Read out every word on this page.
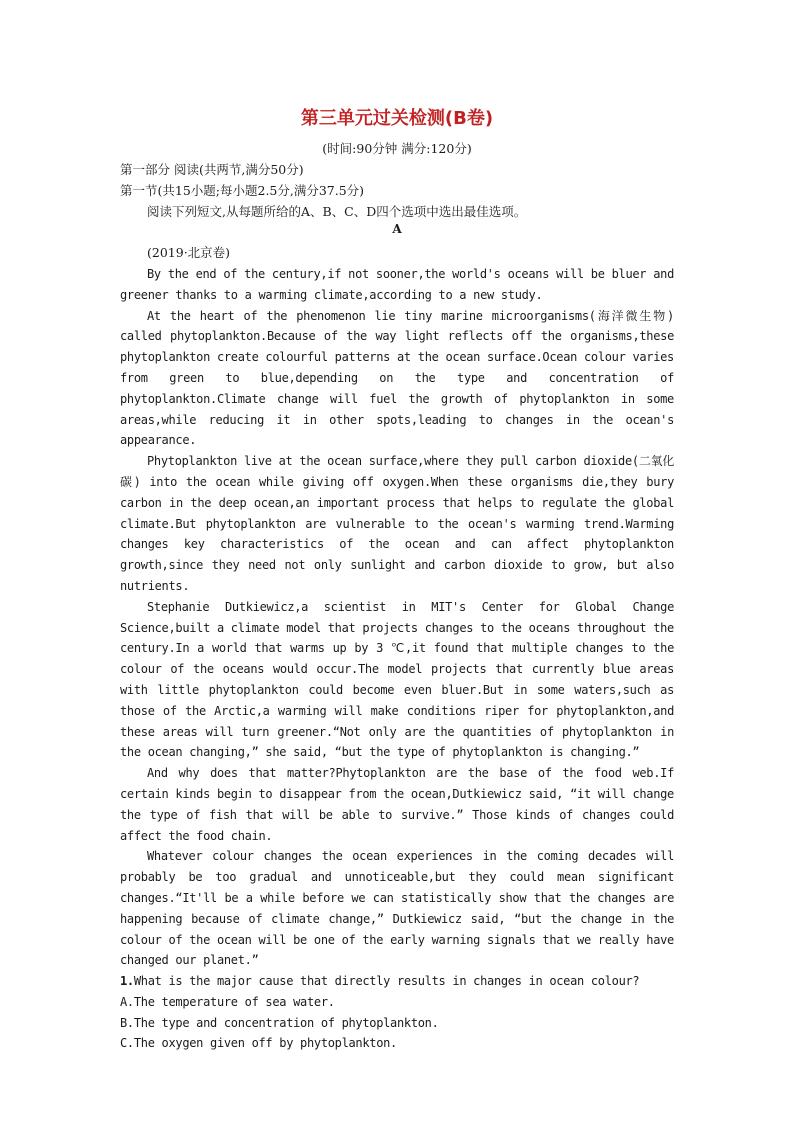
第三单元过关检测(B卷)
(时间:90分钟 满分:120分)
第一部分 阅读(共两节,满分50分)
第一节(共15小题;每小题2.5分,满分37.5分)
阅读下列短文,从每题所给的A、B、C、D四个选项中选出最佳选项。
A
(2019·北京卷)

By the end of the century,if not sooner,the world's oceans will be bluer and greener thanks to a warming climate,according to a new study.

At the heart of the phenomenon lie tiny marine microorganisms(海洋微生物) called phytoplankton.Because of the way light reflects off the organisms,these phytoplankton create colourful patterns at the ocean surface.Ocean colour varies from green to blue,depending on the type and concentration of phytoplankton.Climate change will fuel the growth of phytoplankton in some areas,while reducing it in other spots,leading to changes in the ocean's appearance.

Phytoplankton live at the ocean surface,where they pull carbon dioxide(二氧化碳) into the ocean while giving off oxygen.When these organisms die,they bury carbon in the deep ocean,an important process that helps to regulate the global climate.But phytoplankton are vulnerable to the ocean's warming trend.Warming changes key characteristics of the ocean and can affect phytoplankton growth,since they need not only sunlight and carbon dioxide to grow, but also nutrients.

Stephanie Dutkiewicz,a scientist in MIT's Center for Global Change Science,built a climate model that projects changes to the oceans throughout the century.In a world that warms up by 3 ℃,it found that multiple changes to the colour of the oceans would occur.The model projects that currently blue areas with little phytoplankton could become even bluer.But in some waters,such as those of the Arctic,a warming will make conditions riper for phytoplankton,and these areas will turn greener.“Not only are the quantities of phytoplankton in the ocean changing,” she said, “but the type of phytoplankton is changing.”

And why does that matter?Phytoplankton are the base of the food web.If certain kinds begin to disappear from the ocean,Dutkiewicz said, “it will change the type of fish that will be able to survive.” Those kinds of changes could affect the food chain.

Whatever colour changes the ocean experiences in the coming decades will probably be too gradual and unnoticeable,but they could mean significant changes.“It'll be a while before we can statistically show that the changes are happening because of climate change,” Dutkiewicz said, “but the change in the colour of the ocean will be one of the early warning signals that we really have changed our planet.”

1.What is the major cause that directly results in changes in ocean colour?

A.The temperature of sea water.

B.The type and concentration of phytoplankton.

C.The oxygen given off by phytoplankton.
